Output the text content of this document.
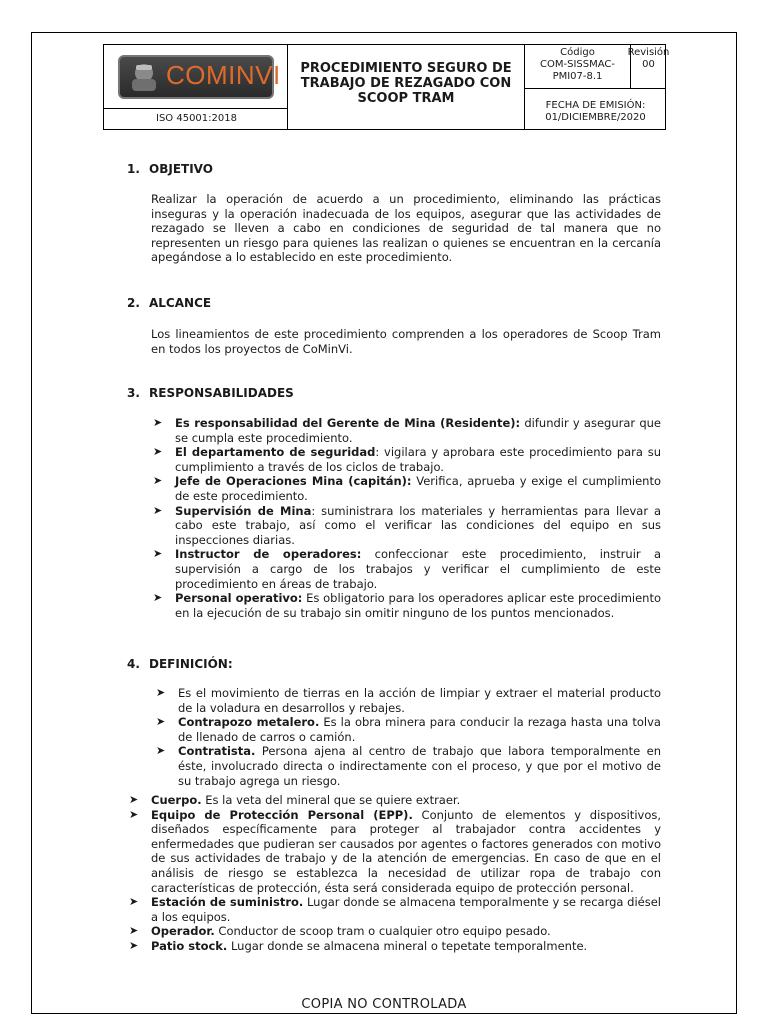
COMINVI
ISO 45001:2018
PROCEDIMIENTO SEGURO DE TRABAJO DE REZAGADO CON SCOOP TRAM
Código
COM-SISSMAC-PMI07-8.1
Revisión
00
FECHA DE EMISIÓN:
01/DICIEMBRE/2020
1. OBJETIVO
Realizar la operación de acuerdo a un procedimiento, eliminando las prácticas inseguras y la operación inadecuada de los equipos, asegurar que las actividades de rezagado se lleven a cabo en condiciones de seguridad de tal manera que no representen un riesgo para quienes las realizan o quienes se encuentran en la cercanía apegándose a lo establecido en este procedimiento.
2. ALCANCE
Los lineamientos de este procedimiento comprenden a los operadores de Scoop Tram en todos los proyectos de CoMinVi.
3. RESPONSABILIDADES
➤ Es responsabilidad del Gerente de Mina (Residente): difundir y asegurar que se cumpla este procedimiento.
➤ El departamento de seguridad: vigilara y aprobara este procedimiento para su cumplimiento a través de los ciclos de trabajo.
➤ Jefe de Operaciones Mina (capitán): Verifica, aprueba y exige el cumplimiento de este procedimiento.
➤ Supervisión de Mina: suministrara los materiales y herramientas para llevar a cabo este trabajo, así como el verificar las condiciones del equipo en sus inspecciones diarias.
➤ Instructor de operadores: confeccionar este procedimiento, instruir a supervisión a cargo de los trabajos y verificar el cumplimiento de este procedimiento en áreas de trabajo.
➤ Personal operativo: Es obligatorio para los operadores aplicar este procedimiento en la ejecución de su trabajo sin omitir ninguno de los puntos mencionados.
4. DEFINICIÓN:
➤ Es el movimiento de tierras en la acción de limpiar y extraer el material producto de la voladura en desarrollos y rebajes.
➤ Contrapozo metalero. Es la obra minera para conducir la rezaga hasta una tolva de llenado de carros o camión.
➤ Contratista. Persona ajena al centro de trabajo que labora temporalmente en éste, involucrado directa o indirectamente con el proceso, y que por el motivo de su trabajo agrega un riesgo.
➤ Cuerpo. Es la veta del mineral que se quiere extraer.
➤ Equipo de Protección Personal (EPP). Conjunto de elementos y dispositivos, diseñados específicamente para proteger al trabajador contra accidentes y enfermedades que pudieran ser causados por agentes o factores generados con motivo de sus actividades de trabajo y de la atención de emergencias. En caso de que en el análisis de riesgo se establezca la necesidad de utilizar ropa de trabajo con características de protección, ésta será considerada equipo de protección personal.
➤ Estación de suministro. Lugar donde se almacena temporalmente y se recarga diésel a los equipos.
➤ Operador. Conductor de scoop tram o cualquier otro equipo pesado.
➤ Patio stock. Lugar donde se almacena mineral o tepetate temporalmente.
COPIA NO CONTROLADA
